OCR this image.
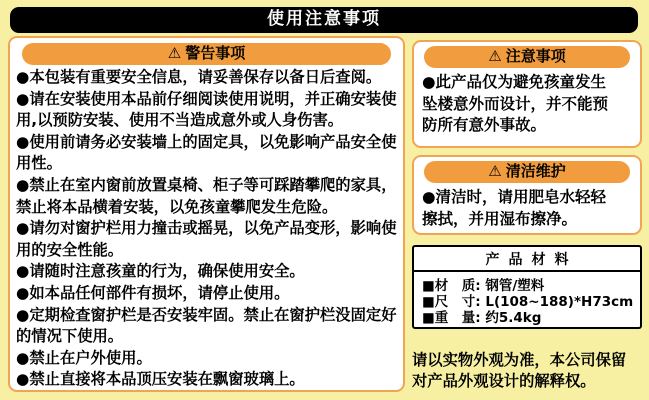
使用注意事项
⚠ 警告事项

●本包装有重要安全信息，请妥善保存以备日后查阅。

●请在安装使用本品前仔细阅读使用说明，并正确安装使用,以预防安装、使用不当造成意外或人身伤害。

●使用前请务必安装墙上的固定具，以免影响产品安全使用性。

●禁止在室内窗前放置桌椅、柜子等可踩踏攀爬的家具，禁止将本品横着安装，以免孩童攀爬发生危险。

●请勿对窗护栏用力撞击或摇晃，以免产品变形，影响使用的安全性能。

●请随时注意孩童的行为，确保使用安全。

●如本品任何部件有损坏，请停止使用。

●定期检查窗护栏是否安装牢固。禁止在窗护栏没固定好的情况下使用。

●禁止在户外使用。

●禁止直接将本品顶压安装在飘窗玻璃上。

⚠ 注意事项

●此产品仅为避免孩童发生坠楼意外而设计，并不能预防所有意外事故。

⚠ 清洁维护

●清洁时，请用肥皂水轻轻擦拭，并用湿布擦净。

产品材料

■材　质: 钢管/塑料

■尺　寸: L(108~188)*H73cm

■重　量: 约5.4kg

请以实物外观为准，本公司保留对产品外观设计的解释权。
